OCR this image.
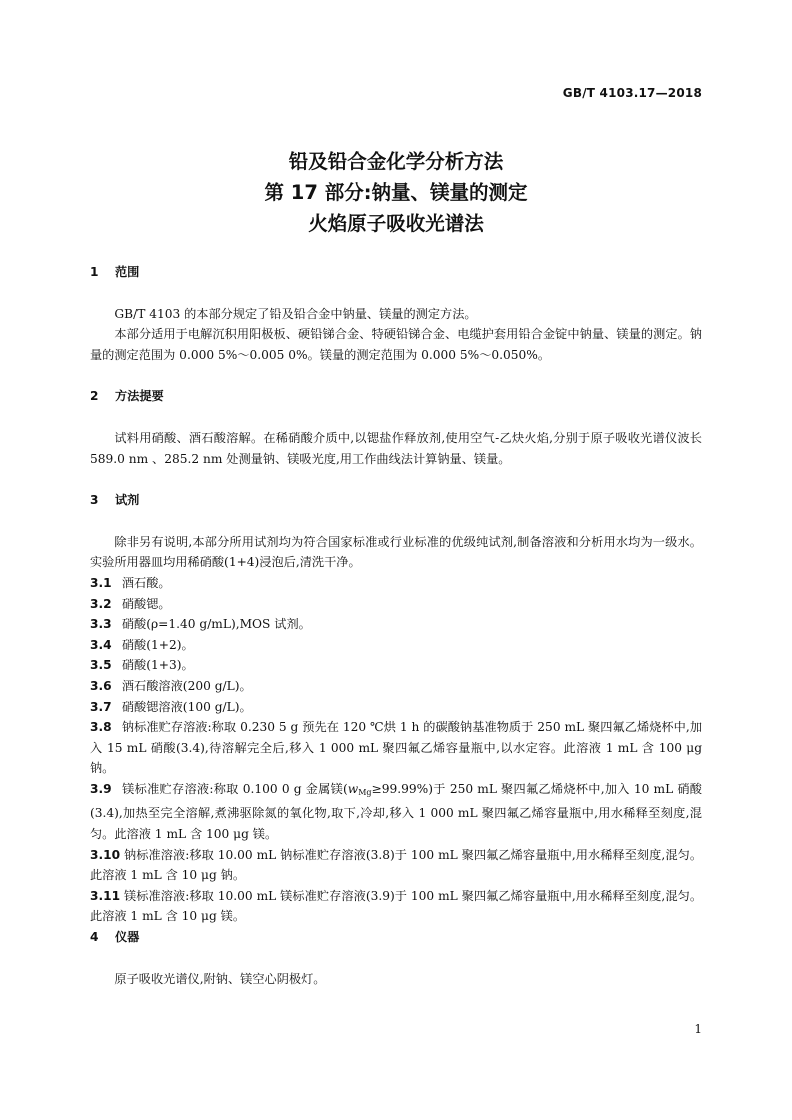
GB/T 4103.17—2018
铅及铅合金化学分析方法
第 17 部分:钠量、镁量的测定
火焰原子吸收光谱法
1 范围

GB/T 4103 的本部分规定了铅及铅合金中钠量、镁量的测定方法。

本部分适用于电解沉积用阳极板、硬铅锑合金、特硬铅锑合金、电缆护套用铅合金锭中钠量、镁量的测定。钠量的测定范围为 0.000 5%～0.005 0%。镁量的测定范围为 0.000 5%～0.050%。

2 方法提要

试料用硝酸、酒石酸溶解。在稀硝酸介质中,以锶盐作释放剂,使用空气-乙炔火焰,分别于原子吸收光谱仪波长 589.0 nm 、285.2 nm 处测量钠、镁吸光度,用工作曲线法计算钠量、镁量。

3 试剂

除非另有说明,本部分所用试剂均为符合国家标准或行业标准的优级纯试剂,制备溶液和分析用水均为一级水。实验所用器皿均用稀硝酸(1+4)浸泡后,清洗干净。

3.1 酒石酸。

3.2 硝酸锶。

3.3 硝酸(ρ=1.40 g/mL),MOS 试剂。

3.4 硝酸(1+2)。

3.5 硝酸(1+3)。

3.6 酒石酸溶液(200 g/L)。

3.7 硝酸锶溶液(100 g/L)。

3.8 钠标准贮存溶液:称取 0.230 5 g 预先在 120 ℃烘 1 h 的碳酸钠基准物质于 250 mL 聚四氟乙烯烧杯中,加入 15 mL 硝酸(3.4),待溶解完全后,移入 1 000 mL 聚四氟乙烯容量瓶中,以水定容。此溶液 1 mL 含 100 μg 钠。

3.9 镁标准贮存溶液:称取 0.100 0 g 金属镁$(w_{Mg}\ge 99.99\%)$于 250 mL 聚四氟乙烯烧杯中,加入 10 mL 硝酸(3.4),加热至完全溶解,煮沸驱除氮的氧化物,取下,冷却,移入 1 000 mL 聚四氟乙烯容量瓶中,用水稀释至刻度,混匀。此溶液 1 mL 含 100 μg 镁。

3.10 钠标准溶液:移取 10.00 mL 钠标准贮存溶液(3.8)于 100 mL 聚四氟乙烯容量瓶中,用水稀释至刻度,混匀。此溶液 1 mL 含 10 μg 钠。

3.11 镁标准溶液:移取 10.00 mL 镁标准贮存溶液(3.9)于 100 mL 聚四氟乙烯容量瓶中,用水稀释至刻度,混匀。此溶液 1 mL 含 10 μg 镁。

4 仪器

原子吸收光谱仪,附钠、镁空心阴极灯。

1
